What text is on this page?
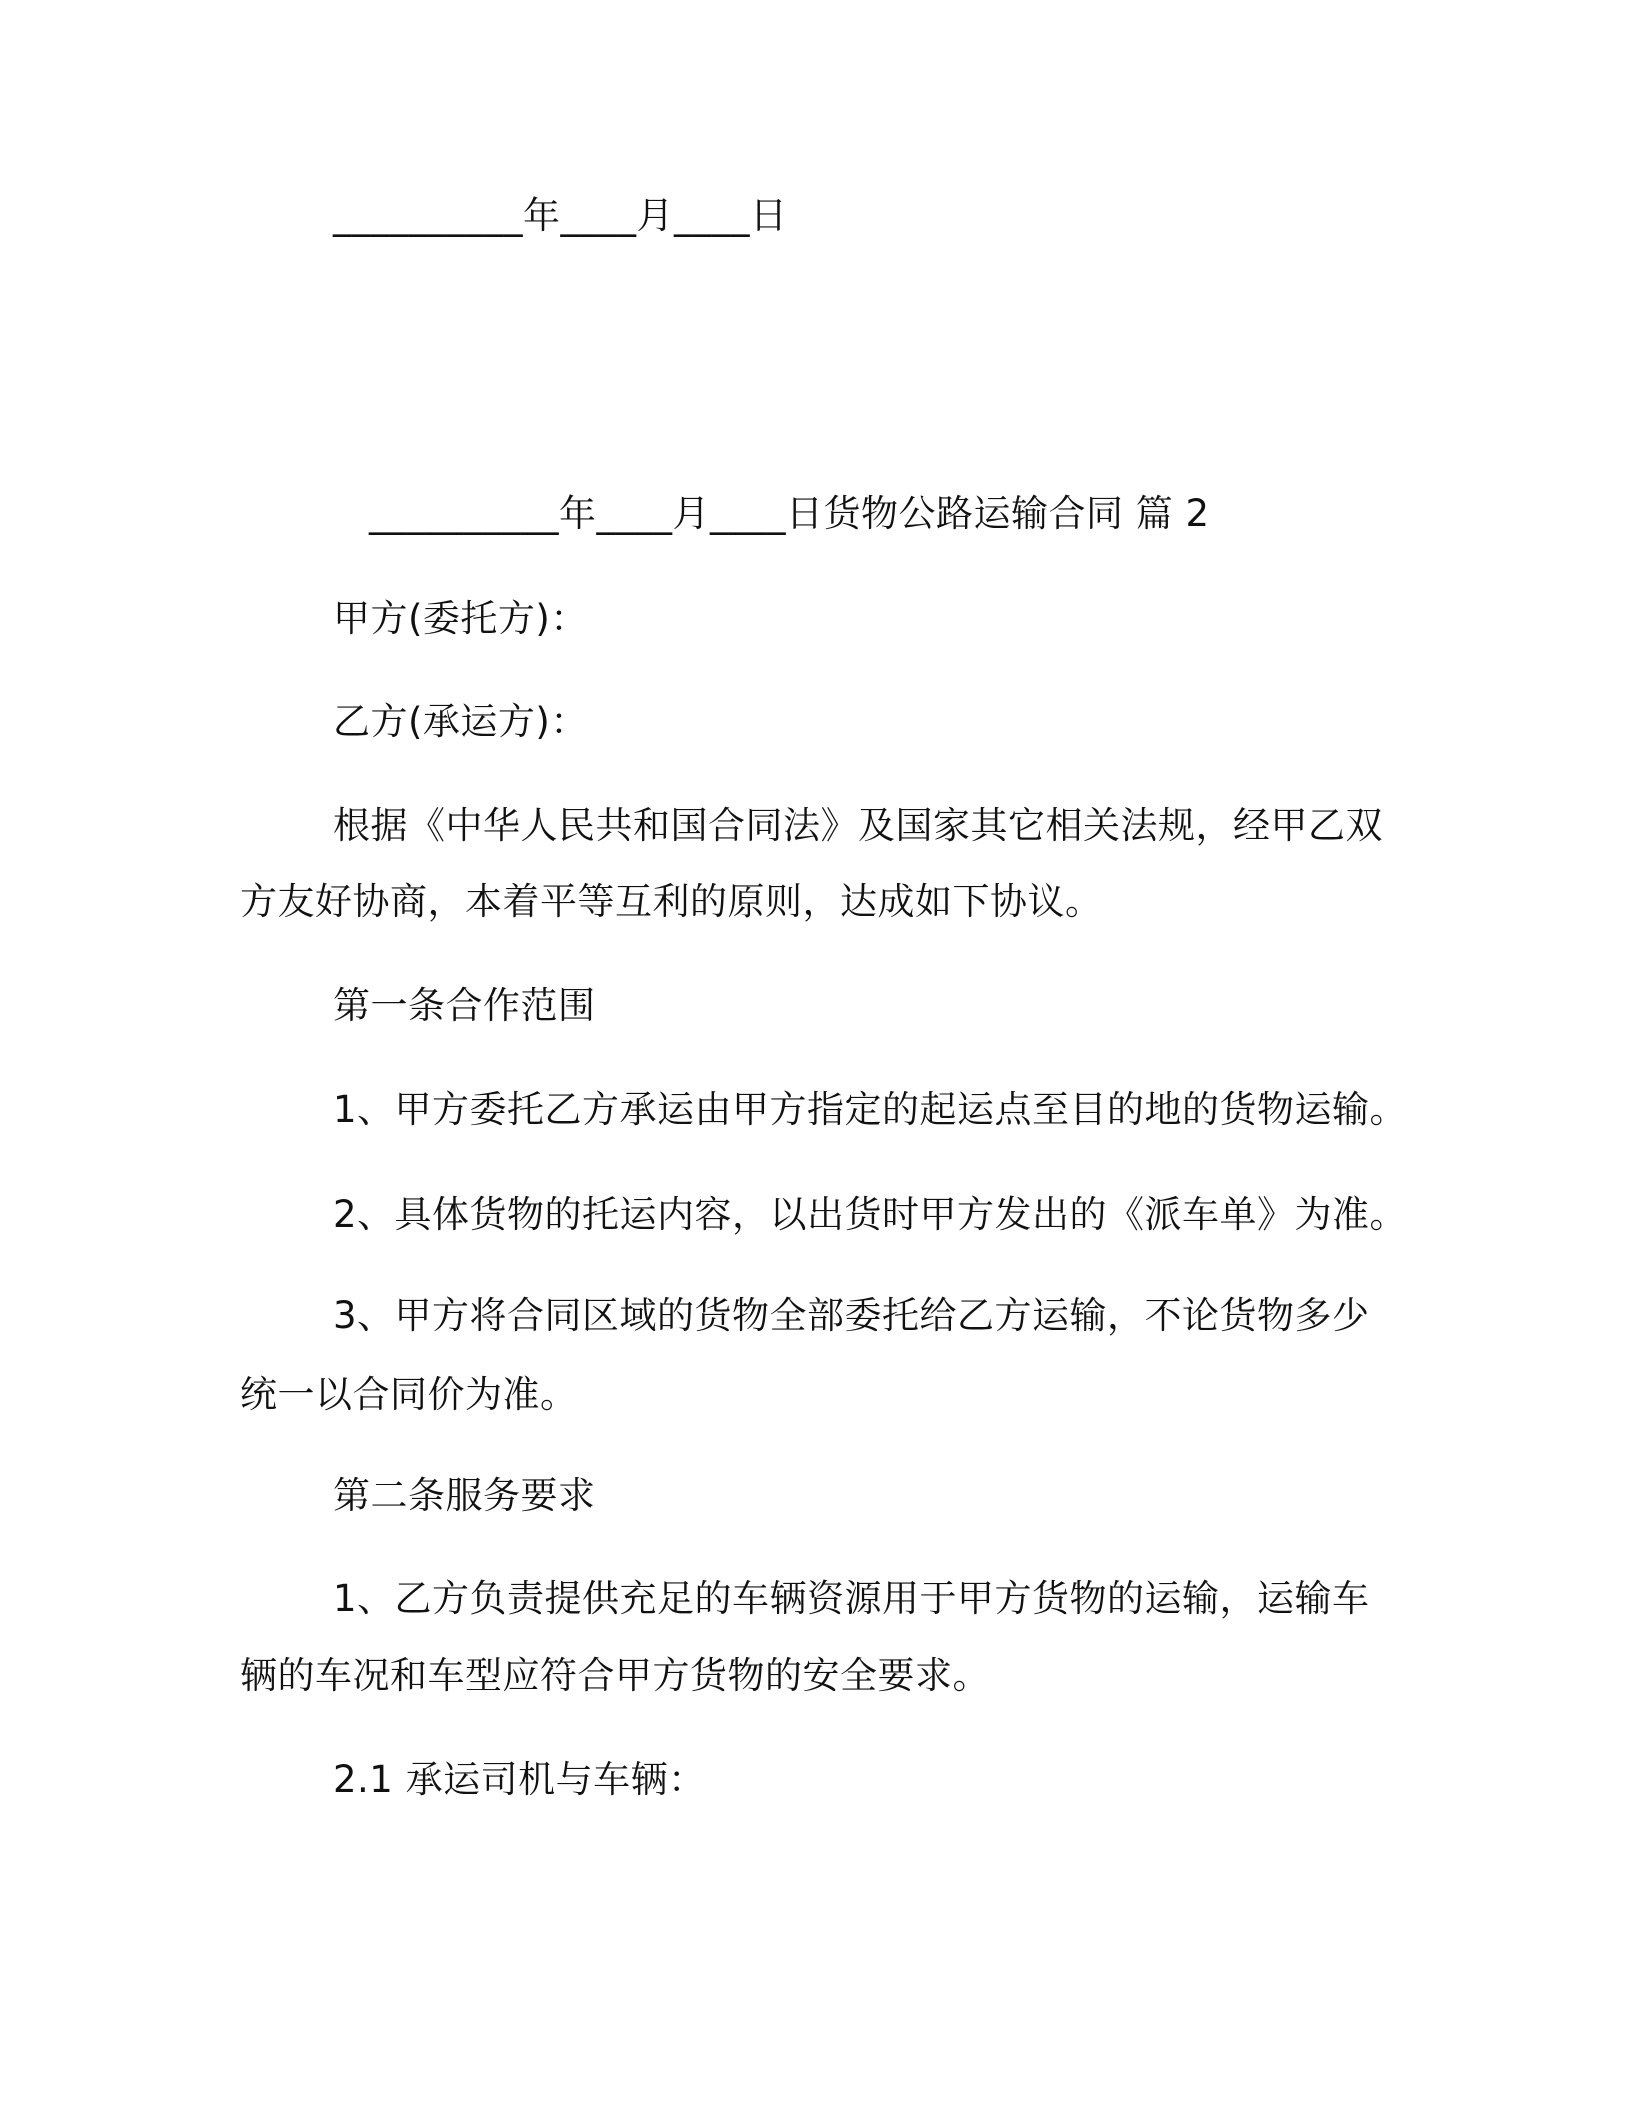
__________年____月____日

__________年____月____日货物公路运输合同 篇 2

甲方(委托方)：

乙方(承运方)：

根据《中华人民共和国合同法》及国家其它相关法规，经甲乙双

方友好协商，本着平等互利的原则，达成如下协议。

第一条合作范围

1、甲方委托乙方承运由甲方指定的起运点至目的地的货物运输。

2、具体货物的托运内容，以出货时甲方发出的《派车单》为准。

3、甲方将合同区域的货物全部委托给乙方运输，不论货物多少

统一以合同价为准。

第二条服务要求

1、乙方负责提供充足的车辆资源用于甲方货物的运输，运输车

辆的车况和车型应符合甲方货物的安全要求。

2.1 承运司机与车辆：
